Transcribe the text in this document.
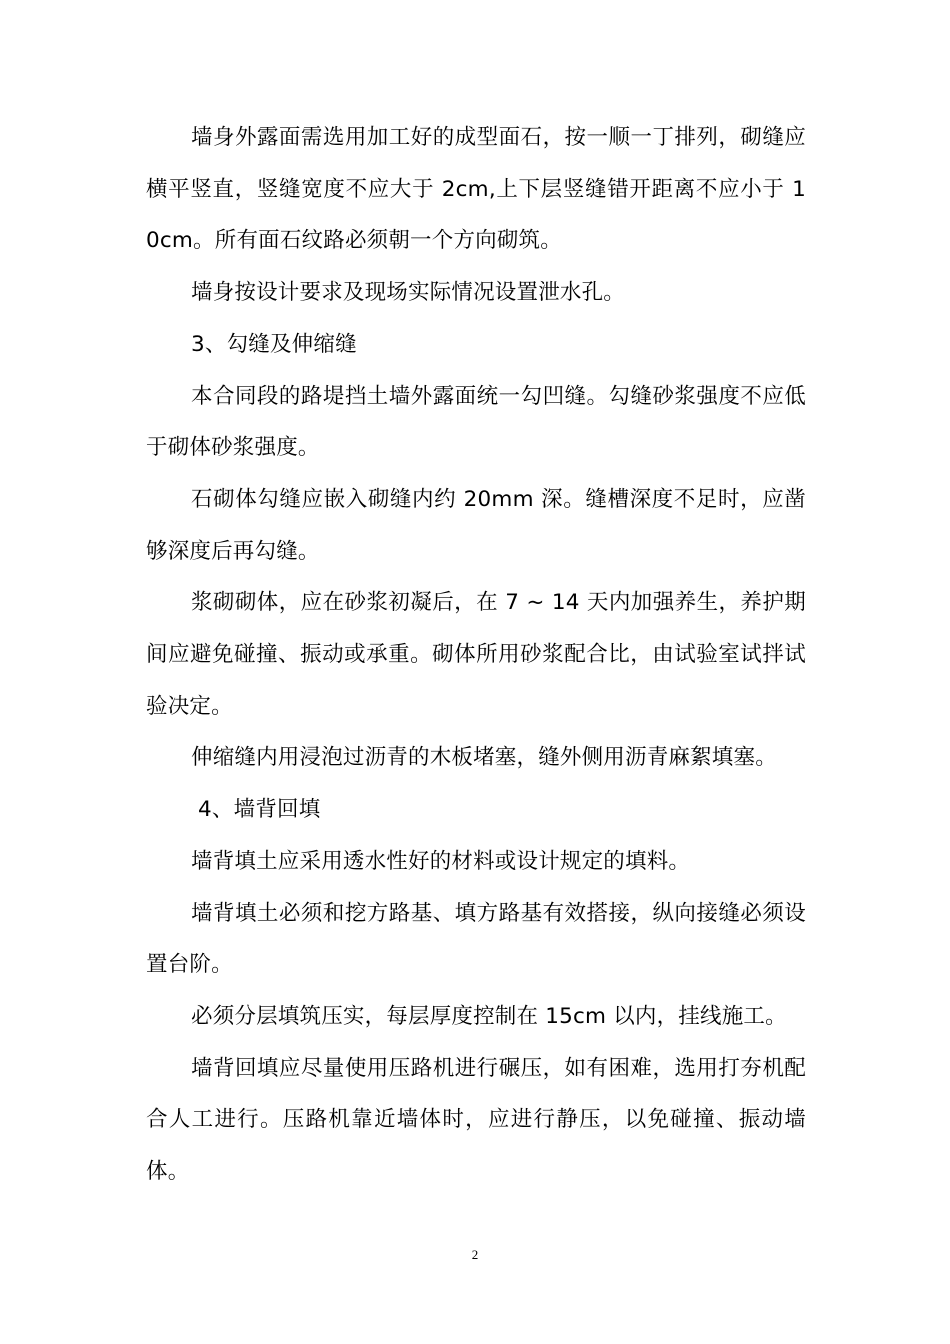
墙身外露面需选用加工好的成型面石，按一顺一丁排列，砌缝应横平竖直，竖缝宽度不应大于 2cm,上下层竖缝错开距离不应小于 10cm。所有面石纹路必须朝一个方向砌筑。

墙身按设计要求及现场实际情况设置泄水孔。

3、勾缝及伸缩缝

本合同段的路堤挡土墙外露面统一勾凹缝。勾缝砂浆强度不应低于砌体砂浆强度。

石砌体勾缝应嵌入砌缝内约 20mm 深。缝槽深度不足时，应凿够深度后再勾缝。

浆砌砌体，应在砂浆初凝后，在 7 ~ 14 天内加强养生，养护期间应避免碰撞、振动或承重。砌体所用砂浆配合比，由试验室试拌试验决定。

伸缩缝内用浸泡过沥青的木板堵塞，缝外侧用沥青麻絮填塞。

4、墙背回填

墙背填土应采用透水性好的材料或设计规定的填料。

墙背填土必须和挖方路基、填方路基有效搭接，纵向接缝必须设置台阶。

必须分层填筑压实，每层厚度控制在 15cm 以内，挂线施工。

墙背回填应尽量使用压路机进行碾压，如有困难，选用打夯机配合人工进行。压路机靠近墙体时，应进行静压，以免碰撞、振动墙体。

2
